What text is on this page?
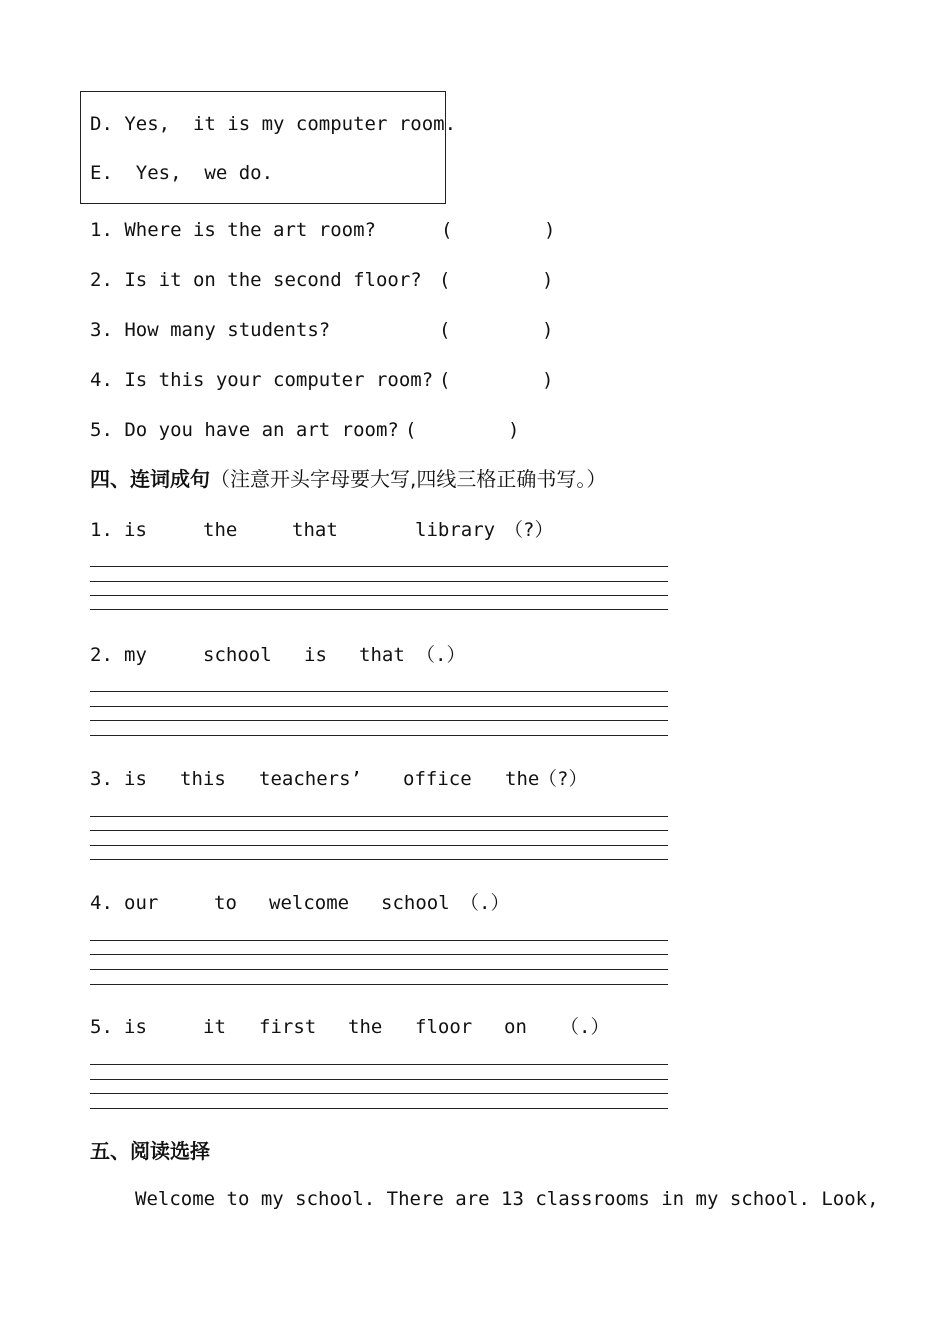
D. Yes,  it is my computer room.
E.  Yes,  we do.
1. Where is the art room?	(        )
2. Is it on the second floor? (        )
3. How many students?	(        )
4. Is this your computer room? (        )
5. Do you have an art room? (        )
四、连词成句（注意开头字母要大写,四线三格正确书写。）
1. is	the	that	library （?）
2. my	school is that （.）
3. is this teachers’ office the
（?）
4. our	to welcome school （.）
5. is	it first the floor on （.）
五、阅读选择
Welcome to my school. There are 13 classrooms in my school. Look,
